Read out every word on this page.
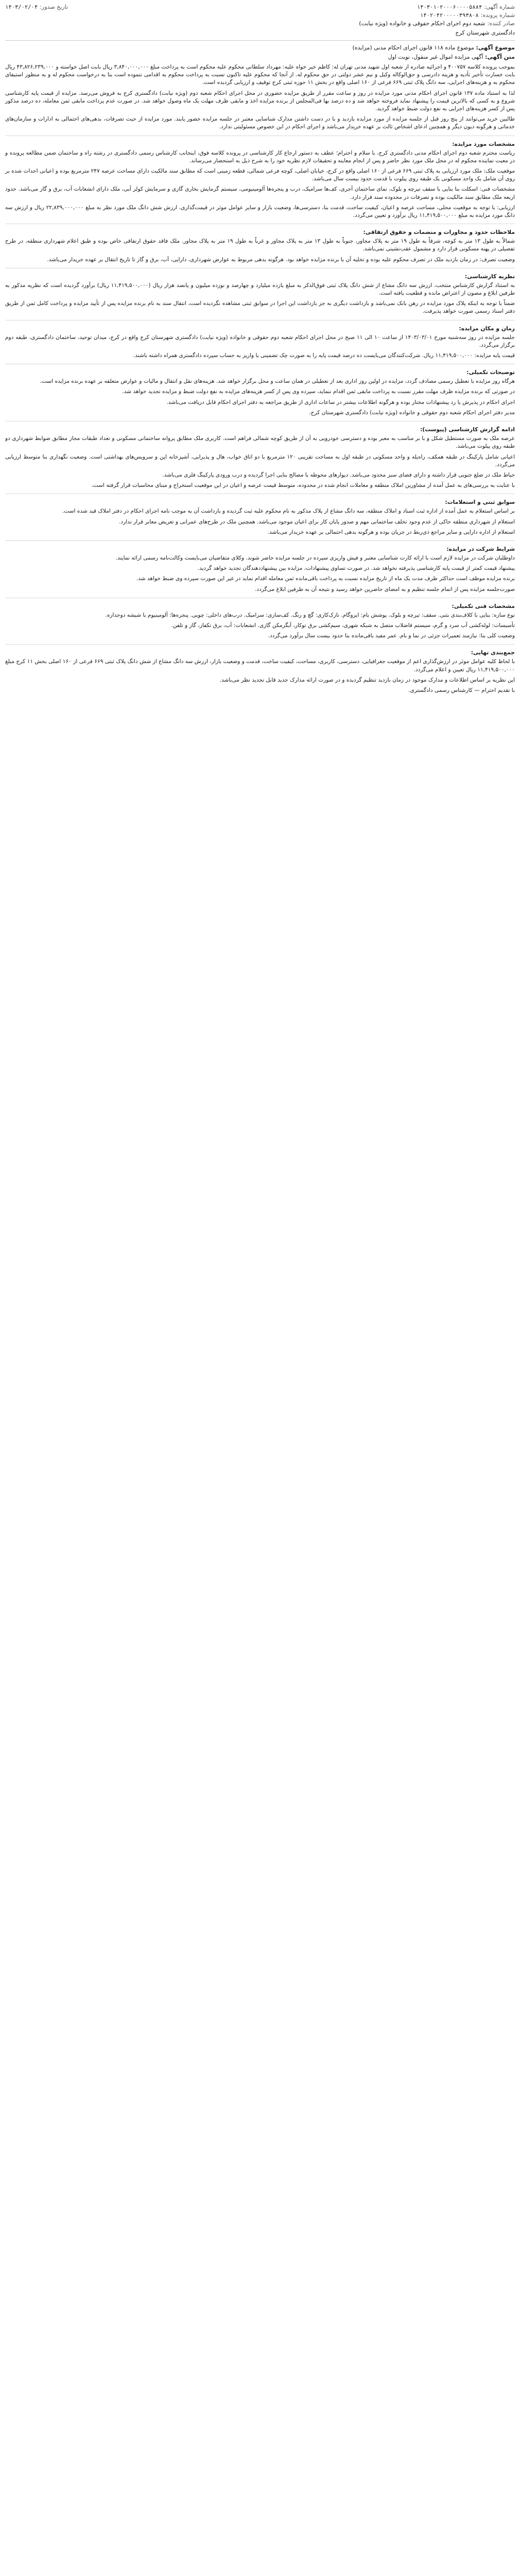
شماره آگهی:۱۴۰۳۰۱۰۲۰۰۰۶۰۰۰۰۵۸۸۴
شماره پرونده:۱۴۰۲۰۴۲۰۰۰۰۰۳۹۳۸۰۸
صادر کننده:شعبه دوم اجرای احکام حقوقی و خانواده (ویژه نیابت)
تاریخ صدور:۱۴۰۳/۰۲/۰۴
دادگستری شهرستان کرج
موضوع آگهی: موضوع ماده ۱۱۸ قانون اجرای احکام مدنی (مزایده)
متن آگهی: آگهی مزایده اموال غیر منقول، نوبت اول

بموجب پرونده کلاسه ۴۰۰۷۵۷ و اجرائیه صادره از شعبه اول شهید مدنی تهران له: کاظم خیر خواه علیه: مهرداد سلطانی محکوم علیه محکوم است به پرداخت مبلغ ۳,۸۴۰,۰۰۰,۰۰۰ ریال بابت اصل خواسته و ۴۳,۸۲۶,۲۳۹,۰۰۰ ریال بابت خسارت تأخیر تأدیه و هزینه دادرسی و حق‌الوکاله وکیل و نیم عشر دولتی در حق محکوم له. از آنجا که محکوم علیه تاکنون نسبت به پرداخت محکوم به اقدامی ننموده است بنا به درخواست محکوم له و به منظور استیفای محکوم به و هزینه‌های اجرایی، سه دانگ پلاک ثبتی ۶۶۹ فرعی از ۱۶۰ اصلی واقع در بخش ۱۱ حوزه ثبتی کرج توقیف و ارزیابی گردیده است.

لذا به استناد ماده ۱۳۷ قانون اجرای احکام مدنی مورد مزایده در روز و ساعت مقرر از طریق مزایده حضوری در محل اجرای احکام شعبه دوم (ویژه نیابت) دادگستری کرج به فروش می‌رسد. مزایده از قیمت پایه کارشناسی شروع و به کسی که بالاترین قیمت را پیشنهاد نماید فروخته خواهد شد و ده درصد بها فی‌المجلس از برنده مزایده اخذ و مابقی ظرف مهلت یک ماه وصول خواهد شد. در صورت عدم پرداخت مابقی ثمن معامله، ده درصد مذکور پس از کسر هزینه‌های اجرایی به نفع دولت ضبط خواهد گردید.

طالبین خرید می‌توانند از پنج روز قبل از جلسه مزایده از مورد مزایده بازدید و با در دست داشتن مدارک شناسایی معتبر در جلسه مزایده حضور یابند. مورد مزایده از حیث تصرفات، بدهی‌های احتمالی به ادارات و سازمان‌های خدماتی و هرگونه دیون دیگر و همچنین ادعای اشخاص ثالث بر عهده خریدار می‌باشد و اجرای احکام در این خصوص مسئولیتی ندارد.

مشخصات مورد مزایده:

ریاست محترم شعبه دوم اجرای احکام مدنی دادگستری کرج، با سلام و احترام؛ عطف به دستور ارجاع کار کارشناسی در پرونده کلاسه فوق، اینجانب کارشناس رسمی دادگستری در رشته راه و ساختمان ضمن مطالعه پرونده و در معیت نماینده محکوم له در محل ملک مورد نظر حاضر و پس از انجام معاینه و تحقیقات لازم نظریه خود را به شرح ذیل به استحضار می‌رساند.

موقعیت ملک: ملک مورد ارزیابی به پلاک ثبتی ۶۶۹ فرعی از ۱۶۰ اصلی واقع در کرج، خیابان اصلی، کوچه فرعی شمالی، قطعه زمینی است که مطابق سند مالکیت دارای مساحت عرصه ۲۴۷ مترمربع بوده و اعیانی احداث شده بر روی آن شامل یک واحد مسکونی یک طبقه روی پیلوت با قدمت حدود بیست سال می‌باشد.

مشخصات فنی: اسکلت بنا بنایی با سقف تیرچه و بلوک، نمای ساختمان آجری، کف‌ها سرامیک، درب و پنجره‌ها آلومینیومی، سیستم گرمایش بخاری گازی و سرمایش کولر آبی، ملک دارای انشعابات آب، برق و گاز می‌باشد. حدود اربعه ملک مطابق سند مالکیت بوده و تصرفات در محدوده سند قرار دارد.

ارزیابی: با توجه به موقعیت محلی، مساحت عرصه و اعیان، کیفیت ساخت، قدمت بنا، دسترسی‌ها، وضعیت بازار و سایر عوامل موثر در قیمت‌گذاری، ارزش شش دانگ ملک مورد نظر به مبلغ ۲۲,۸۳۹,۰۰۰,۰۰۰ ریال و ارزش سه دانگ مورد مزایده به مبلغ ۱۱,۴۱۹,۵۰۰,۰۰۰ ریال برآورد و تعیین می‌گردد.

ملاحظات حدود و مجاورات و منضمات و حقوق ارتفاقی:

شمالاً به طول ۱۳ متر به کوچه، شرقاً به طول ۱۹ متر به پلاک مجاور، جنوباً به طول ۱۳ متر به پلاک مجاور و غرباً به طول ۱۹ متر به پلاک مجاور. ملک فاقد حقوق ارتفاقی خاص بوده و طبق اعلام شهرداری منطقه، در طرح تفصیلی در پهنه مسکونی قرار دارد و مشمول عقب‌نشینی نمی‌باشد.

وضعیت تصرف: در زمان بازدید ملک در تصرف محکوم علیه بوده و تخلیه آن با برنده مزایده خواهد بود. هرگونه بدهی مربوط به عوارض شهرداری، دارایی، آب، برق و گاز تا تاریخ انتقال بر عهده خریدار می‌باشد.

نظریه کارشناسی:

به استناد گزارش کارشناس منتخب، ارزش سه دانگ مشاع از شش دانگ پلاک ثبتی فوق‌الذکر به مبلغ یازده میلیارد و چهارصد و نوزده میلیون و پانصد هزار ریال (۱۱,۴۱۹,۵۰۰,۰۰۰ ریال) برآورد گردیده است که نظریه مذکور به طرفین ابلاغ و مصون از اعتراض مانده و قطعیت یافته است.

ضمناً با توجه به اینکه پلاک مورد مزایده در رهن بانک نمی‌باشد و بازداشت دیگری به جز بازداشت این اجرا در سوابق ثبتی مشاهده نگردیده است، انتقال سند به نام برنده مزایده پس از تأیید مزایده و پرداخت کامل ثمن از طریق دفتر اسناد رسمی صورت خواهد پذیرفت.

زمان و مکان مزایده:

جلسه مزایده در روز سه‌شنبه مورخ ۱۴۰۳/۰۳/۰۱ از ساعت ۱۰ الی ۱۱ صبح در محل اجرای احکام شعبه دوم حقوقی و خانواده (ویژه نیابت) دادگستری شهرستان کرج واقع در کرج، میدان توحید، ساختمان دادگستری، طبقه دوم برگزار می‌گردد.

قیمت پایه مزایده: ۱۱,۴۱۹,۵۰۰,۰۰۰ ریال. شرکت‌کنندگان می‌بایست ده درصد قیمت پایه را به صورت چک تضمینی یا واریز به حساب سپرده دادگستری همراه داشته باشند.

توضیحات تکمیلی:

هرگاه روز مزایده با تعطیل رسمی مصادف گردد، مزایده در اولین روز اداری بعد از تعطیلی در همان ساعت و محل برگزار خواهد شد. هزینه‌های نقل و انتقال و مالیات و عوارض متعلقه بر عهده برنده مزایده است.

در صورتی که برنده مزایده ظرف مهلت مقرر نسبت به پرداخت مابقی ثمن اقدام ننماید، سپرده وی پس از کسر هزینه‌های مزایده به نفع دولت ضبط و مزایده تجدید خواهد شد.

اجرای احکام در پذیرش یا رد پیشنهادات مختار بوده و هرگونه اطلاعات بیشتر در ساعات اداری از طریق مراجعه به دفتر اجرای احکام قابل دریافت می‌باشد.

مدیر دفتر اجرای احکام شعبه دوم حقوقی و خانواده (ویژه نیابت) دادگستری شهرستان کرج.

ادامه گزارش کارشناسی (پیوست):

عرصه ملک به صورت مستطیل شکل و با بر مناسب به معبر بوده و دسترسی خودرویی به آن از طریق کوچه شمالی فراهم است. کاربری ملک مطابق پروانه ساختمانی مسکونی و تعداد طبقات مجاز مطابق ضوابط شهرداری دو طبقه روی پیلوت می‌باشد.

اعیانی شامل پارکینگ در طبقه همکف، راه‌پله و واحد مسکونی در طبقه اول به مساحت تقریبی ۱۲۰ مترمربع با دو اتاق خواب، هال و پذیرایی، آشپزخانه اپن و سرویس‌های بهداشتی است. وضعیت نگهداری بنا متوسط ارزیابی می‌گردد.

حیاط ملک در ضلع جنوبی قرار داشته و دارای فضای سبز محدود می‌باشد. دیوارهای محوطه با مصالح بنایی اجرا گردیده و درب ورودی پارکینگ فلزی می‌باشد.

با عنایت به بررسی‌های به عمل آمده از مشاورین املاک منطقه و معاملات انجام شده در محدوده، متوسط قیمت عرصه و اعیان در این موقعیت استخراج و مبنای محاسبات قرار گرفته است.

سوابق ثبتی و استعلامات:

بر اساس استعلام به عمل آمده از اداره ثبت اسناد و املاک منطقه، سه دانگ مشاع از پلاک مذکور به نام محکوم علیه ثبت گردیده و بازداشت آن به موجب نامه اجرای احکام در دفتر املاک قید شده است.

استعلام از شهرداری منطقه حاکی از عدم وجود تخلف ساختمانی مهم و صدور پایان کار برای اعیان موجود می‌باشد. همچنین ملک در طرح‌های عمرانی و تعریض معابر قرار ندارد.

استعلام از اداره دارایی و سایر مراجع ذی‌ربط در جریان بوده و هرگونه بدهی احتمالی بر عهده خریدار می‌باشد.

شرایط شرکت در مزایده:

داوطلبان شرکت در مزایده لازم است با ارائه کارت شناسایی معتبر و فیش واریزی سپرده در جلسه مزایده حاضر شوند. وکلای متقاضیان می‌بایست وکالت‌نامه رسمی ارائه نمایند.

پیشنهاد قیمت کمتر از قیمت پایه کارشناسی پذیرفته نخواهد شد. در صورت تساوی پیشنهادات، مزایده بین پیشنهاددهندگان تجدید خواهد گردید.

برنده مزایده موظف است حداکثر ظرف مدت یک ماه از تاریخ مزایده نسبت به پرداخت باقی‌مانده ثمن معامله اقدام نماید در غیر این صورت سپرده وی ضبط خواهد شد.

صورت‌جلسه مزایده پس از اتمام جلسه تنظیم و به امضای حاضرین خواهد رسید و نتیجه آن به طرفین ابلاغ می‌گردد.

مشخصات فنی تکمیلی:

نوع سازه: بنایی با کلاف‌بندی بتنی. سقف: تیرچه و بلوک. پوشش بام: ایزوگام. نازک‌کاری: گچ و رنگ. کف‌سازی: سرامیک. درب‌های داخلی: چوبی. پنجره‌ها: آلومینیوم با شیشه دوجداره.

تأسیسات: لوله‌کشی آب سرد و گرم، سیستم فاضلاب متصل به شبکه شهری، سیم‌کشی برق توکار، آبگرمکن گازی. انشعابات: آب، برق تکفاز، گاز و تلفن.

وضعیت کلی بنا: نیازمند تعمیرات جزئی در نما و بام. عمر مفید باقی‌مانده بنا حدود بیست سال برآورد می‌گردد.

جمع‌بندی نهایی:

با لحاظ کلیه عوامل موثر در ارزش‌گذاری اعم از موقعیت جغرافیایی، دسترسی، کاربری، مساحت، کیفیت ساخت، قدمت و وضعیت بازار، ارزش سه دانگ مشاع از شش دانگ پلاک ثبتی ۶۶۹ فرعی از ۱۶۰ اصلی بخش ۱۱ کرج مبلغ ۱۱,۴۱۹,۵۰۰,۰۰۰ ریال تعیین و اعلام می‌گردد.

این نظریه بر اساس اطلاعات و مدارک موجود در زمان بازدید تنظیم گردیده و در صورت ارائه مدارک جدید قابل تجدید نظر می‌باشد.

با تقدیم احترام — کارشناس رسمی دادگستری.
